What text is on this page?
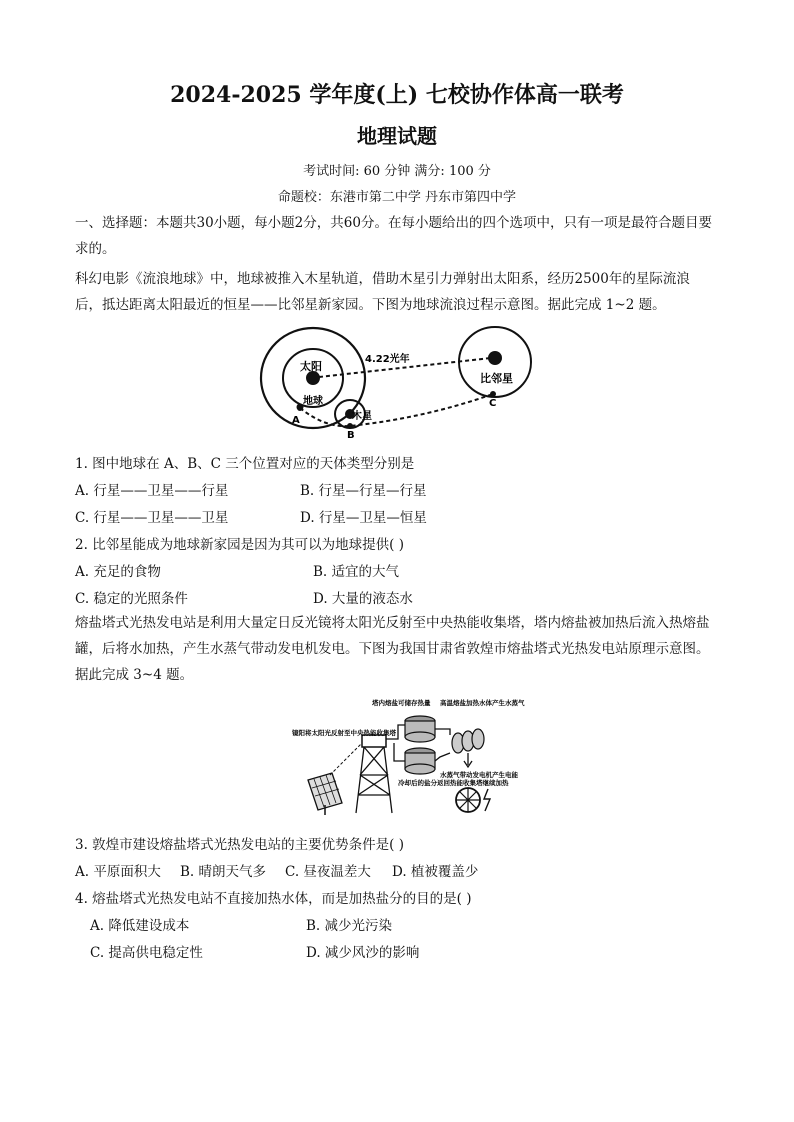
2024-2025 学年度(上) 七校协作体高一联考
地理试题
考试时间: 60 分钟 满分: 100 分
命题校：东港市第二中学 丹东市第四中学
一、选择题：本题共30小题，每小题2分，共60分。在每小题给出的四个选项中，只有一项是最符合题目要求的。
科幻电影《流浪地球》中，地球被推入木星轨道，借助木星引力弹射出太阳系，经历2500年的星际流浪后，抵达距离太阳最近的恒星——比邻星新家园。下图为地球流浪过程示意图。据此完成 1~2 题。
太阳
地球
木星
比邻星
4.22光年
A
B
C
1. 图中地球在 A、B、C 三个位置对应的天体类型分别是
A. 行星——卫星——行星	B. 行星—行星—行星
C. 行星——卫星——卫星	D. 行星—卫星—恒星
2. 比邻星能成为地球新家园是因为其可以为地球提供( )
A. 充足的食物	B. 适宜的大气
C. 稳定的光照条件	D. 大量的液态水
熔盐塔式光热发电站是利用大量定日反光镜将太阳光反射至中央热能收集塔，塔内熔盐被加热后流入热熔盐罐，后将水加热，产生水蒸气带动发电机发电。下图为我国甘肃省敦煌市熔盐塔式光热发电站原理示意图。据此完成 3~4 题。
塔内熔盐可储存热量
镜阳将太阳光反射至中央热能收集塔
高温熔盐加热水体产生水蒸气
冷却后的盐分返回热能收集塔继续加热
水蒸气带动发电机产生电能
3. 敦煌市建设熔盐塔式光热发电站的主要优势条件是( )
A. 平原面积大 B. 晴朗天气多 C. 昼夜温差大 D. 植被覆盖少
4. 熔盐塔式光热发电站不直接加热水体，而是加热盐分的目的是( )
A. 降低建设成本	B. 减少光污染
C. 提高供电稳定性	D. 减少风沙的影响
